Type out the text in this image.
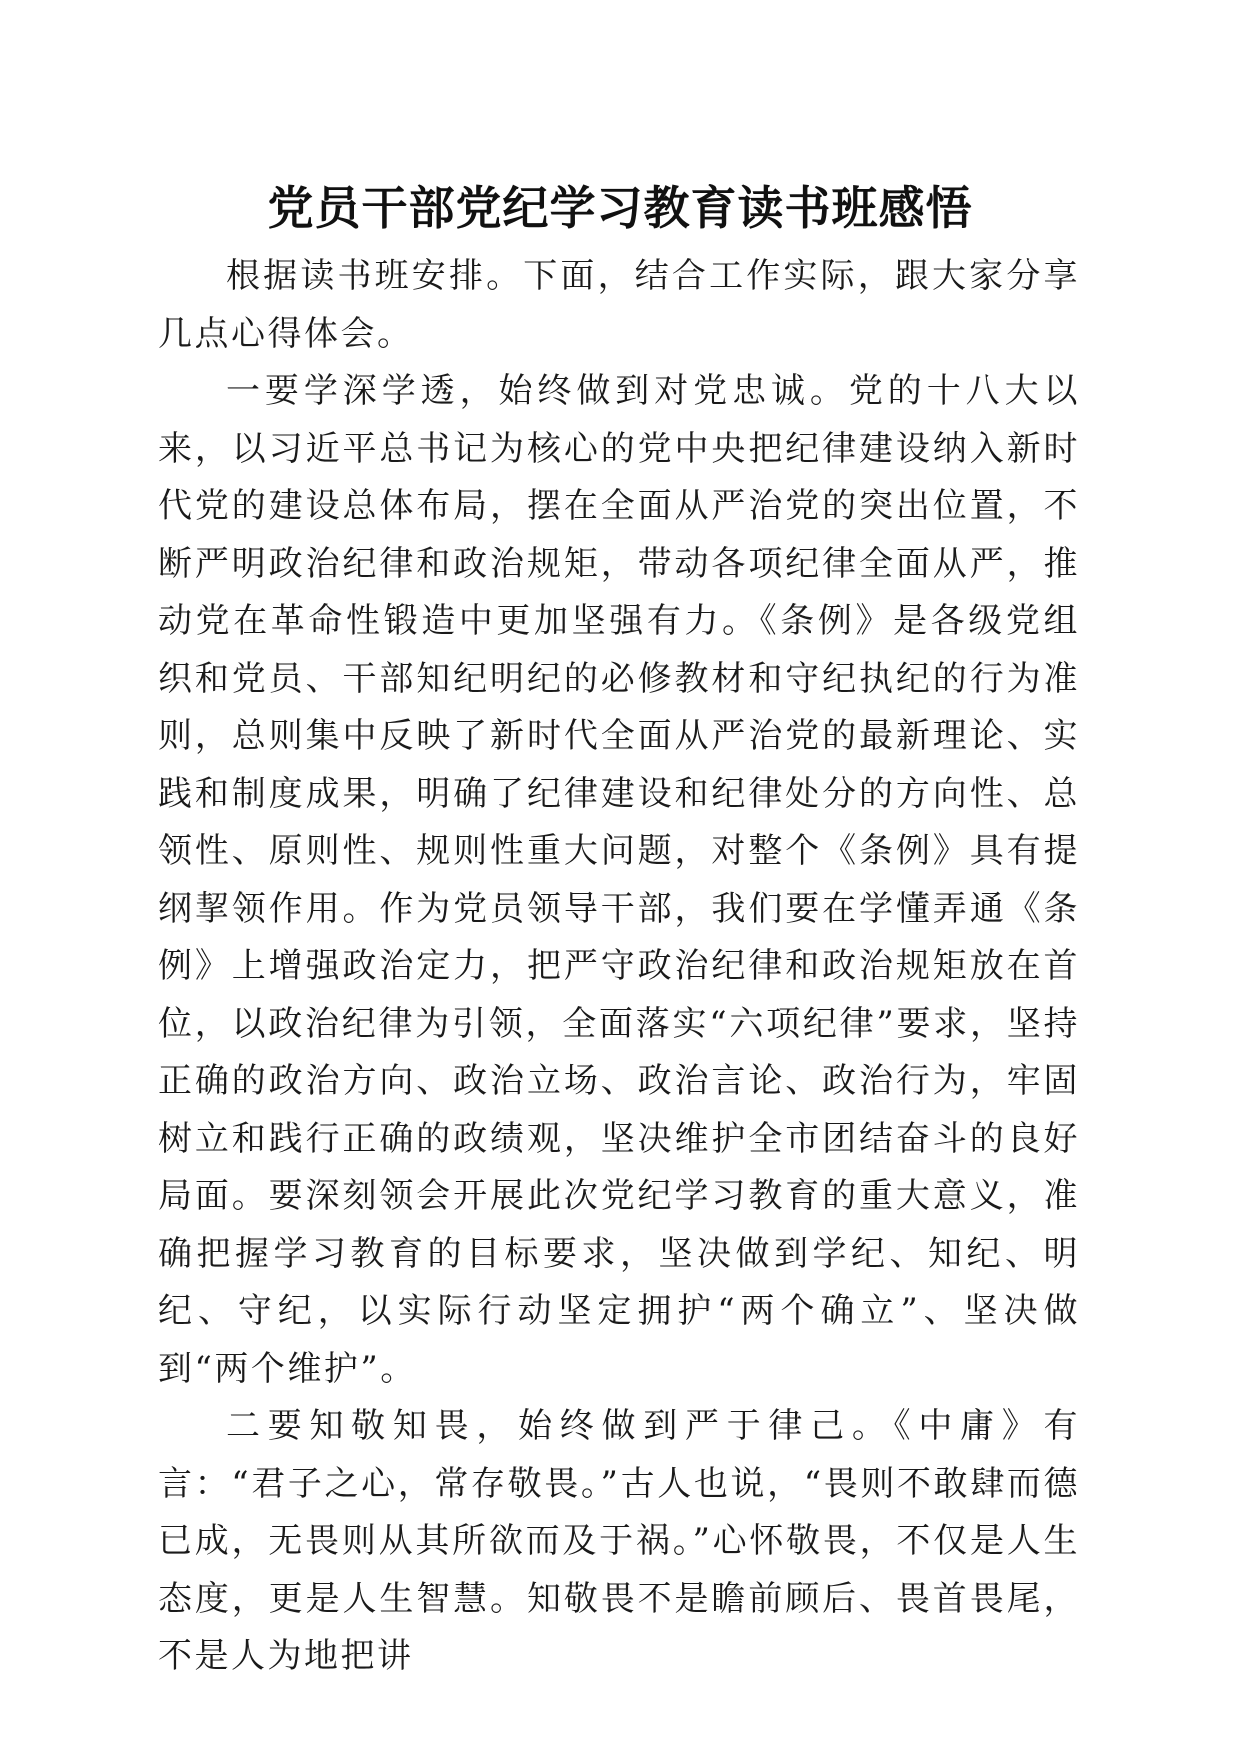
党员干部党纪学习教育读书班感悟

根据读书班安排。下面，结合工作实际，跟大家分享几点心得体会。

一要学深学透，始终做到对党忠诚。党的十八大以来，以习近平总书记为核心的党中央把纪律建设纳入新时代党的建设总体布局，摆在全面从严治党的突出位置，不断严明政治纪律和政治规矩，带动各项纪律全面从严，推动党在革命性锻造中更加坚强有力。《条例》是各级党组织和党员、干部知纪明纪的必修教材和守纪执纪的行为准则，总则集中反映了新时代全面从严治党的最新理论、实践和制度成果，明确了纪律建设和纪律处分的方向性、总领性、原则性、规则性重大问题，对整个《条例》具有提纲挈领作用。作为党员领导干部，我们要在学懂弄通《条例》上增强政治定力，把严守政治纪律和政治规矩放在首位，以政治纪律为引领，全面落实“六项纪律”要求，坚持正确的政治方向、政治立场、政治言论、政治行为，牢固树立和践行正确的政绩观，坚决维护全市团结奋斗的良好局面。要深刻领会开展此次党纪学习教育的重大意义，准确把握学习教育的目标要求，坚决做到学纪、知纪、明纪、守纪，以实际行动坚定拥护“两个确立”、坚决做到“两个维护”。

二要知敬知畏，始终做到严于律己。《中庸》有言：“君子之心，常存敬畏。”古人也说，“畏则不敢肆而德已成，无畏则从其所欲而及于祸。”心怀敬畏，不仅是人生态度，更是人生智慧。知敬畏不是瞻前顾后、畏首畏尾，不是人为地把讲
